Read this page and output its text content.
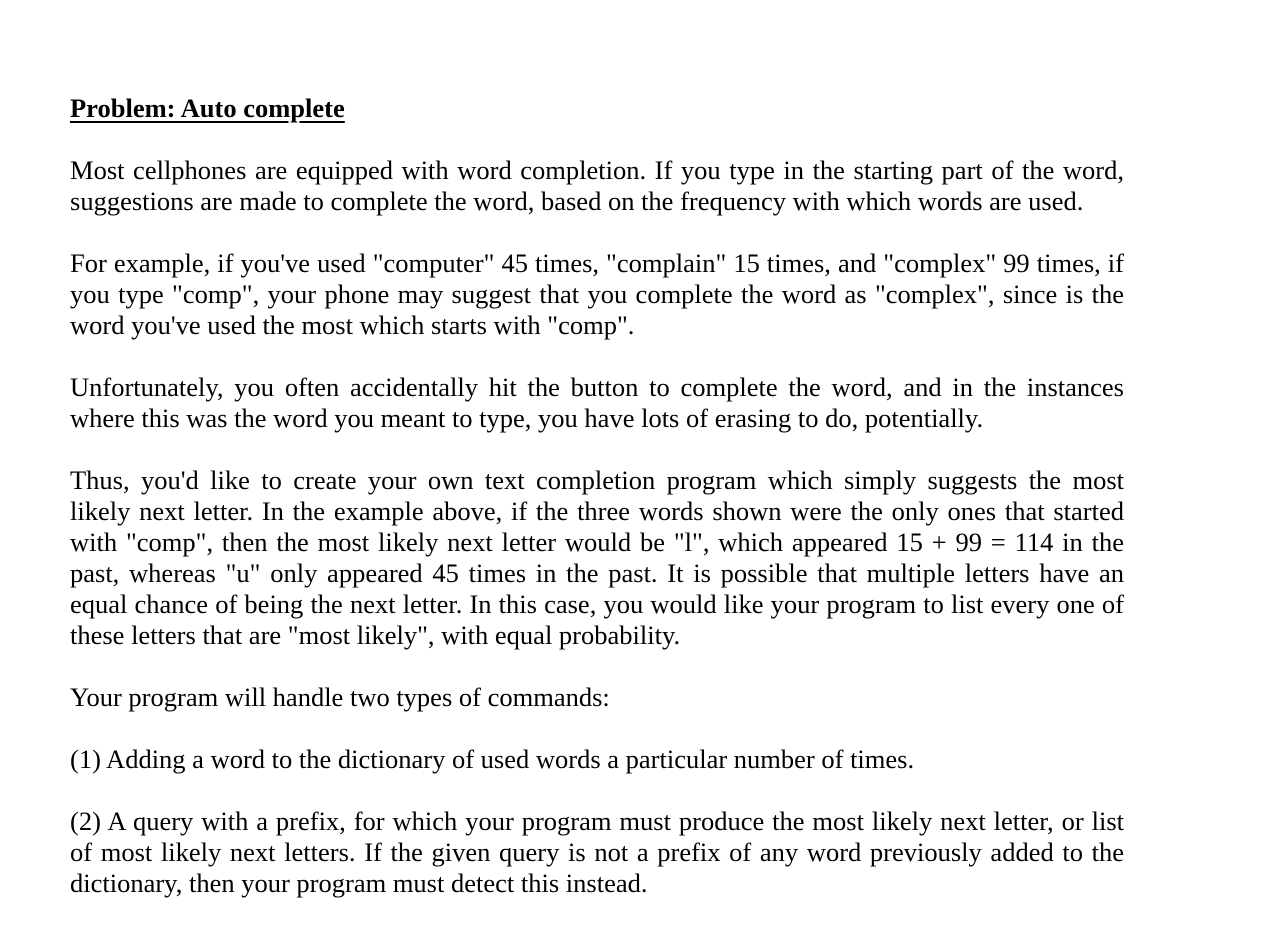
Problem: Auto complete

Most cellphones are equipped with word completion. If you type in the starting part of the word, suggestions are made to complete the word, based on the frequency with which words are used.

For example, if you've used "computer" 45 times, "complain" 15 times, and "complex" 99 times, if you type "comp", your phone may suggest that you complete the word as "complex", since is the word you've used the most which starts with "comp".

Unfortunately, you often accidentally hit the button to complete the word, and in the instances where this was the word you meant to type, you have lots of erasing to do, potentially.

Thus, you'd like to create your own text completion program which simply suggests the most likely next letter. In the example above, if the three words shown were the only ones that started with "comp", then the most likely next letter would be "l", which appeared 15 + 99 = 114 in the past, whereas "u" only appeared 45 times in the past. It is possible that multiple letters have an equal chance of being the next letter. In this case, you would like your program to list every one of these letters that are "most likely", with equal probability.

Your program will handle two types of commands:

(1) Adding a word to the dictionary of used words a particular number of times.

(2) A query with a prefix, for which your program must produce the most likely next letter, or list of most likely next letters. If the given query is not a prefix of any word previously added to the dictionary, then your program must detect this instead.
